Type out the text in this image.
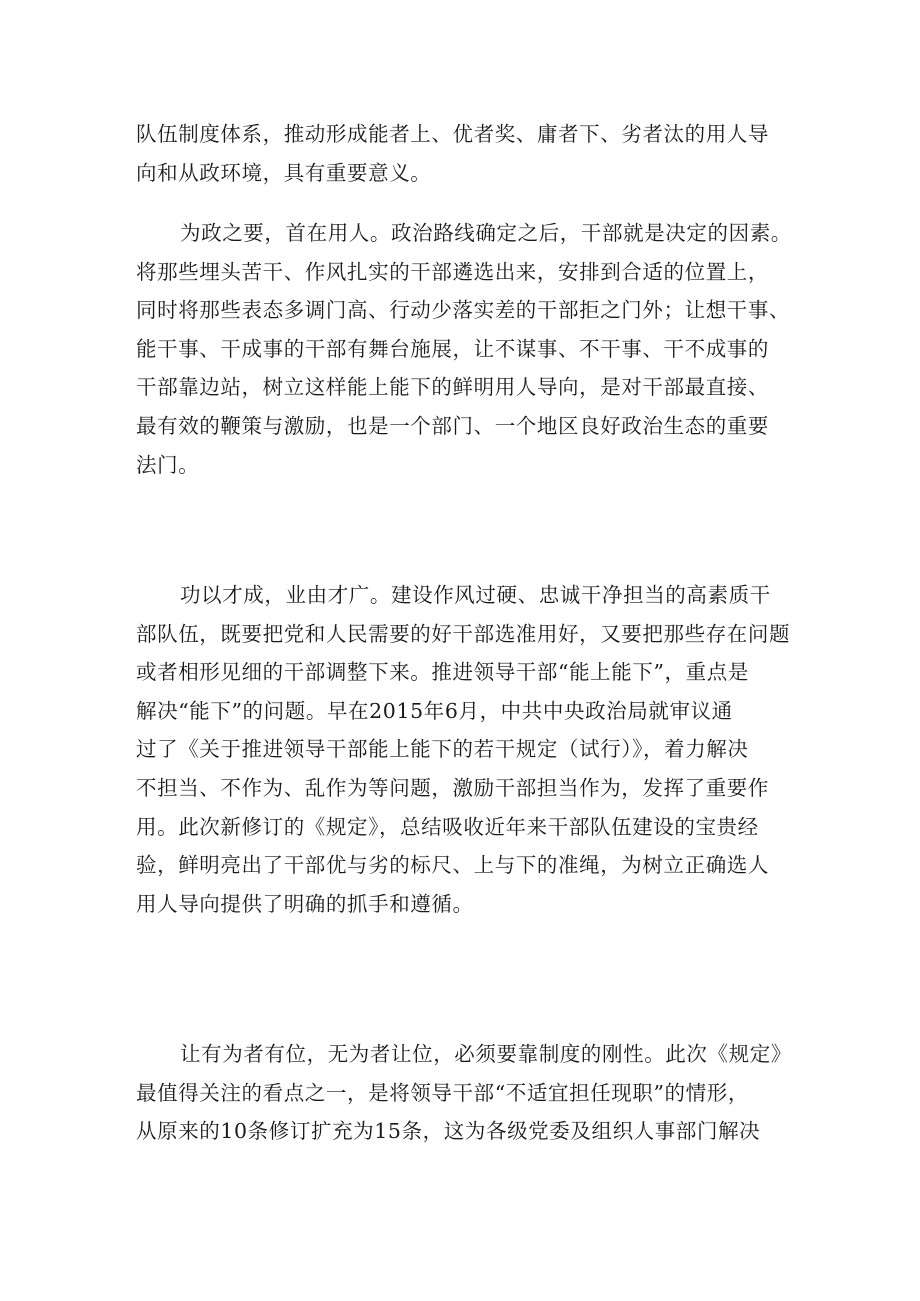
队伍制度体系，推动形成能者上、优者奖、庸者下、劣者汰的用人导
向和从政环境，具有重要意义。
为政之要，首在用人。政治路线确定之后，干部就是决定的因素。
将那些埋头苦干、作风扎实的干部遴选出来，安排到合适的位置上，
同时将那些表态多调门高、行动少落实差的干部拒之门外；让想干事、
能干事、干成事的干部有舞台施展，让不谋事、不干事、干不成事的
干部靠边站，树立这样能上能下的鲜明用人导向，是对干部最直接、
最有效的鞭策与激励，也是一个部门、一个地区良好政治生态的重要
法门。
功以才成，业由才广。建设作风过硬、忠诚干净担当的高素质干
部队伍，既要把党和人民需要的好干部选准用好，又要把那些存在问题
或者相形见细的干部调整下来。推进领导干部“能上能下”，重点是
解决“能下”的问题。早在2015年6月，中共中央政治局就审议通
过了《关于推进领导干部能上能下的若干规定（试行）》，着力解决
不担当、不作为、乱作为等问题，激励干部担当作为，发挥了重要作
用。此次新修订的《规定》，总结吸收近年来干部队伍建设的宝贵经
验，鲜明亮出了干部优与劣的标尺、上与下的准绳，为树立正确选人
用人导向提供了明确的抓手和遵循。
让有为者有位，无为者让位，必须要靠制度的刚性。此次《规定》
最值得关注的看点之一，是将领导干部“不适宜担任现职”的情形，
从原来的10条修订扩充为15条，这为各级党委及组织人事部门解决
